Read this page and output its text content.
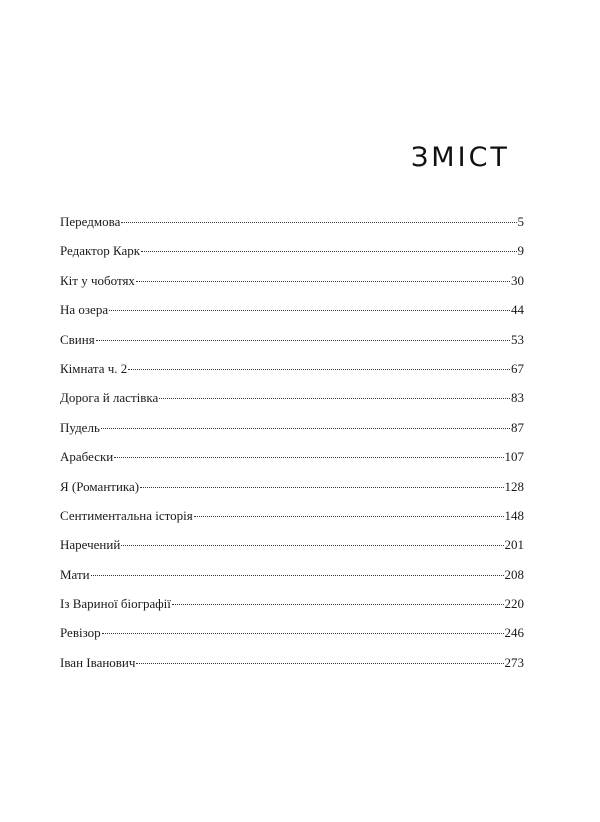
ЗМІСТ
Передмова	5
Редактор Карк	9
Кіт у чоботях	30
На озера	44
Свиня	53
Кімната ч. 2	67
Дорога й ластівка	83
Пудель	87
Арабески	107
Я (Романтика)	128
Сентиментальна історія	148
Наречений	201
Мати	208
Із Вариної біографії	220
Ревізор	246
Іван Іванович	273
